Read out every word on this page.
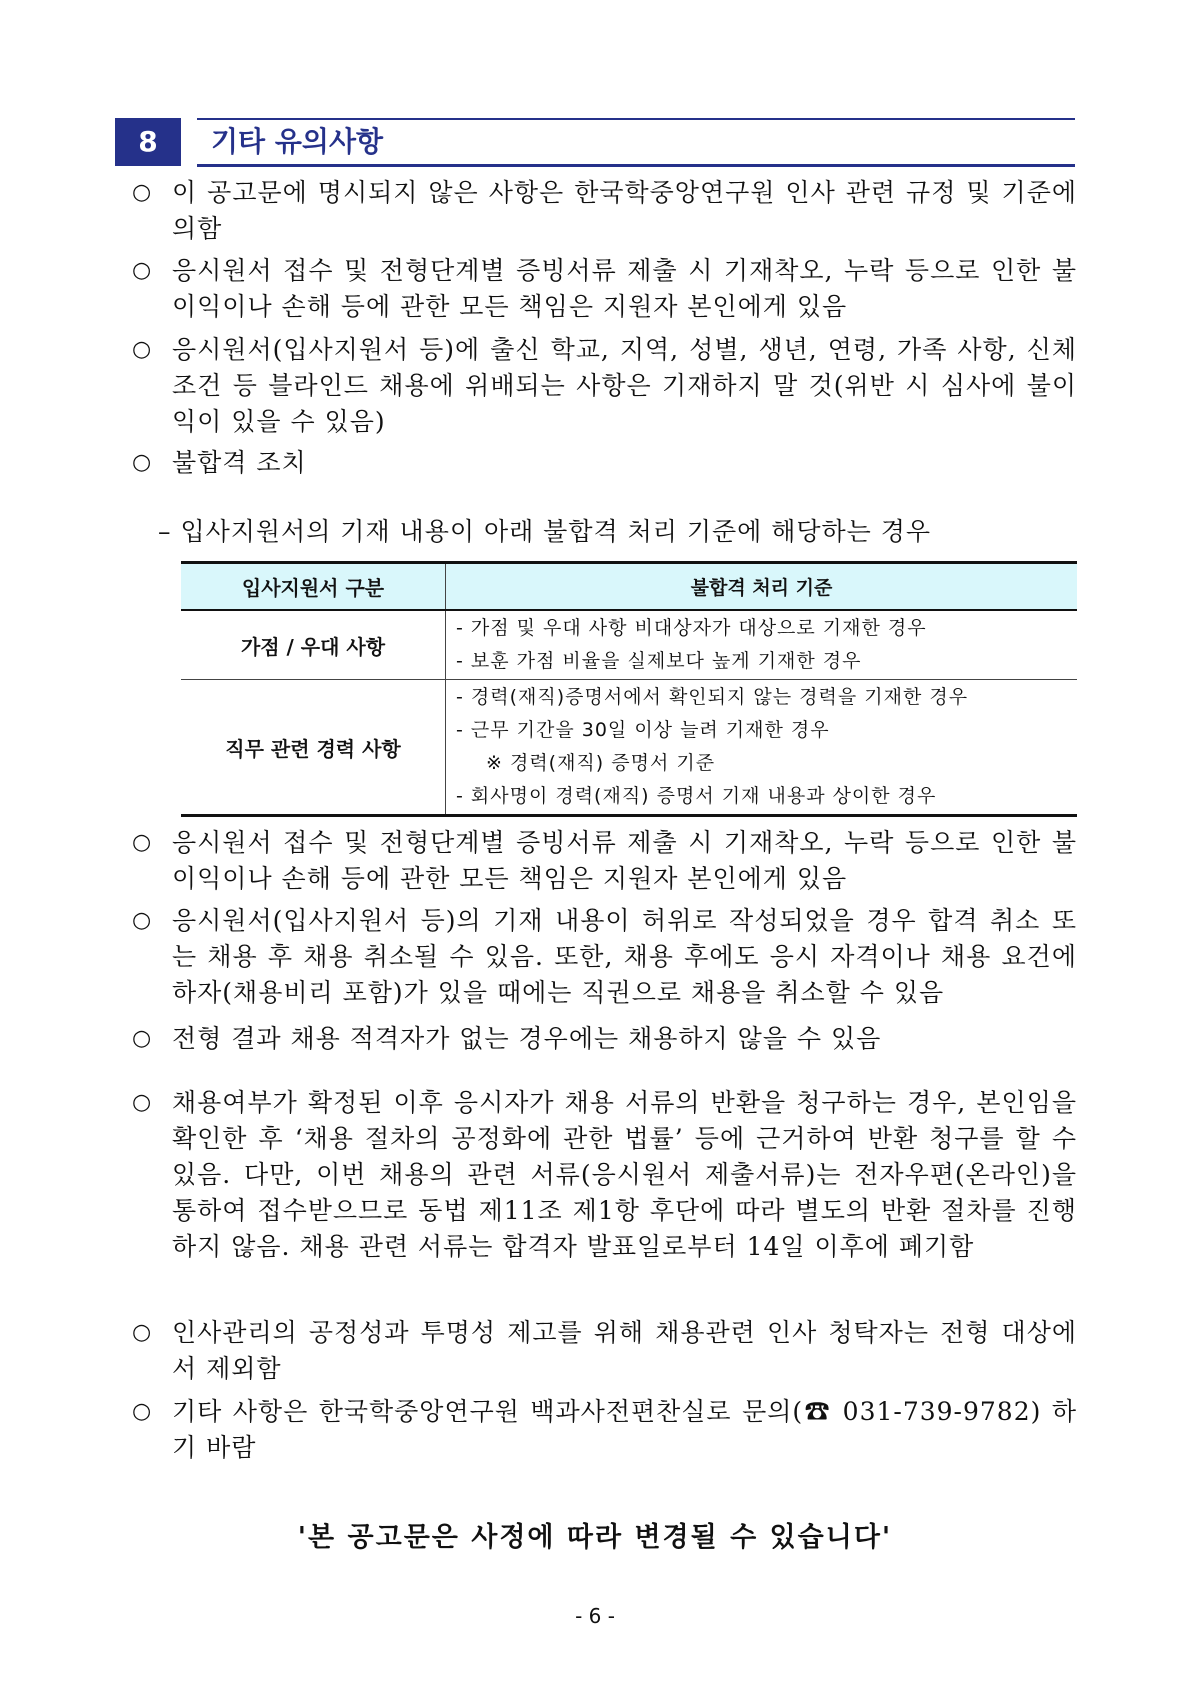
8	기타 유의사항
○ 이 공고문에 명시되지 않은 사항은 한국학중앙연구원 인사 관련 규정 및 기준에 의함
○ 응시원서 접수 및 전형단계별 증빙서류 제출 시 기재착오, 누락 등으로 인한 불이익이나 손해 등에 관한 모든 책임은 지원자 본인에게 있음
○ 응시원서(입사지원서 등)에 출신 학교, 지역, 성별, 생년, 연령, 가족 사항, 신체조건 등 블라인드 채용에 위배되는 사항은 기재하지 말 것(위반 시 심사에 불이익이 있을 수 있음)
○ 불합격 조치
– 입사지원서의 기재 내용이 아래 불합격 처리 기준에 해당하는 경우
입사지원서 구분	불합격 처리 기준
가점 / 우대 사항	- 가점 및 우대 사항 비대상자가 대상으로 기재한 경우
- 보훈 가점 비율을 실제보다 높게 기재한 경우

직무 관련 경력 사항	- 경력(재직)증명서에서 확인되지 않는 경력을 기재한 경우
- 근무 기간을 30일 이상 늘려 기재한 경우
※ 경력(재직) 증명서 기준
- 회사명이 경력(재직) 증명서 기재 내용과 상이한 경우
○ 응시원서 접수 및 전형단계별 증빙서류 제출 시 기재착오, 누락 등으로 인한 불이익이나 손해 등에 관한 모든 책임은 지원자 본인에게 있음
○ 응시원서(입사지원서 등)의 기재 내용이 허위로 작성되었을 경우 합격 취소 또는 채용 후 채용 취소될 수 있음. 또한, 채용 후에도 응시 자격이나 채용 요건에 하자(채용비리 포함)가 있을 때에는 직권으로 채용을 취소할 수 있음
○ 전형 결과 채용 적격자가 없는 경우에는 채용하지 않을 수 있음
○ 채용여부가 확정된 이후 응시자가 채용 서류의 반환을 청구하는 경우, 본인임을 확인한 후 ‘채용 절차의 공정화에 관한 법률’ 등에 근거하여 반환 청구를 할 수 있음. 다만, 이번 채용의 관련 서류(응시원서 제출서류)는 전자우편(온라인)을 통하여 접수받으므로 동법 제11조 제1항 후단에 따라 별도의 반환 절차를 진행하지 않음. 채용 관련 서류는 합격자 발표일로부터 14일 이후에 폐기함
○ 인사관리의 공정성과 투명성 제고를 위해 채용관련 인사 청탁자는 전형 대상에서 제외함
○ 기타 사항은 한국학중앙연구원 백과사전편찬실로 문의(☎ 031-739-9782) 하기 바람
'본 공고문은 사정에 따라 변경될 수 있습니다'
- 6 -
